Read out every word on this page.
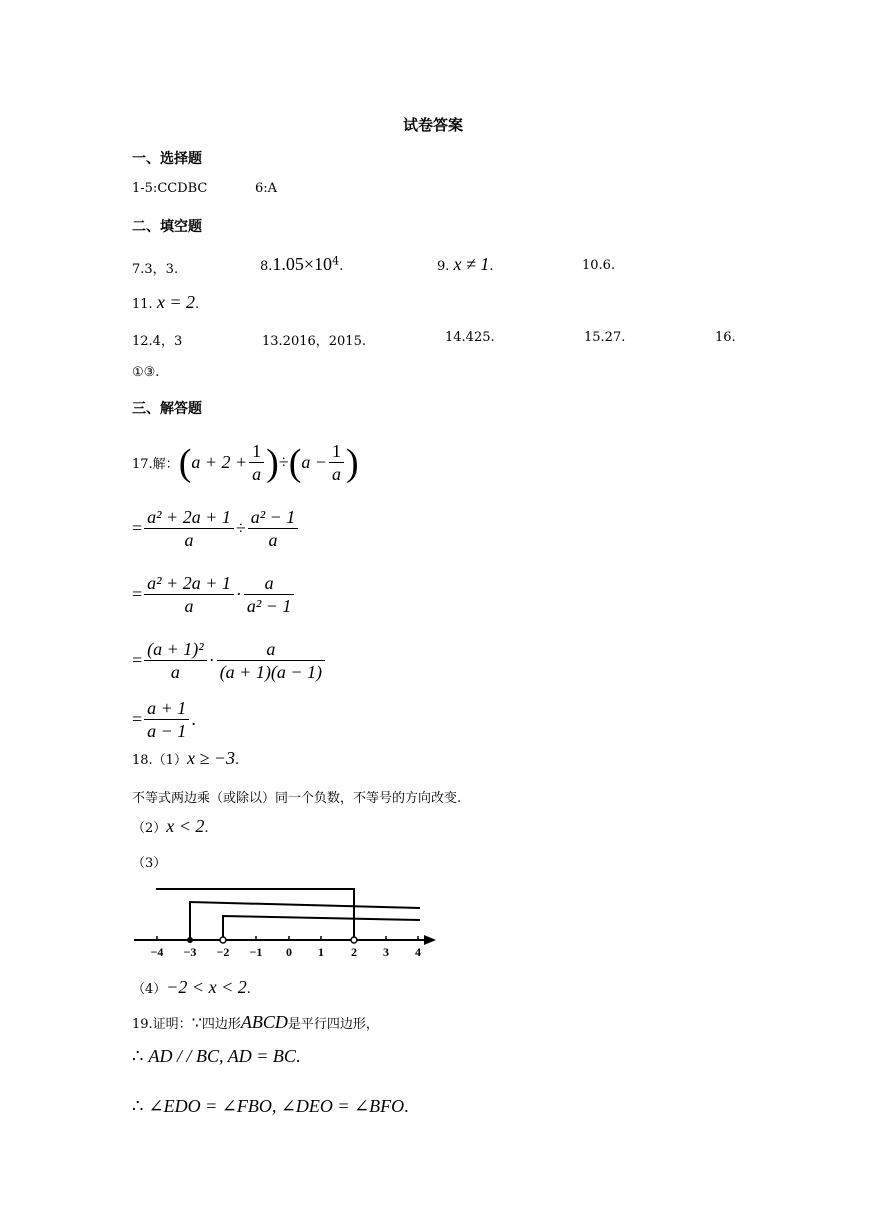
试卷答案
一、选择题
1-5:CCDBC	6:A
二、填空题
7.3，3.	$8.1.05\times 10^4$.	9. x ≠ 1.	10.6.
11. x = 2.
12.4，3	13.2016，2015.	14.425.	15.27.	16.
①③.
三、解答题
17.解： ( $a + 2 + \frac{1}{a}$ ) ÷ ( $a - \frac{1}{a}$ )
= $\frac{\text{a² + 2a + 1}}{a} \div \frac{\text{a² − 1}}{a}$
= $\frac{\text{a² + 2a + 1}}{a} \cdot \frac{a}{\text{a² − 1}}$
= $\frac{\text{(a + 1)²}}{a} \cdot \frac{a}{(a + 1)(a - 1)}$
= $\frac{a + 1}{a - 1}$ .
18.（1）x ≥ −3.
不等式两边乘（或除以）同一个负数，不等号的方向改变.
（2）x < 2.
（3）
−4 −3 −2 −1 0 1 2 3 4
（4）−2 < x < 2.
19.证明：∵四边形ABCD是平行四边形，
∴ AD / / BC, AD = BC.
∴ ∠EDO = ∠FBO, ∠DEO = ∠BFO.
